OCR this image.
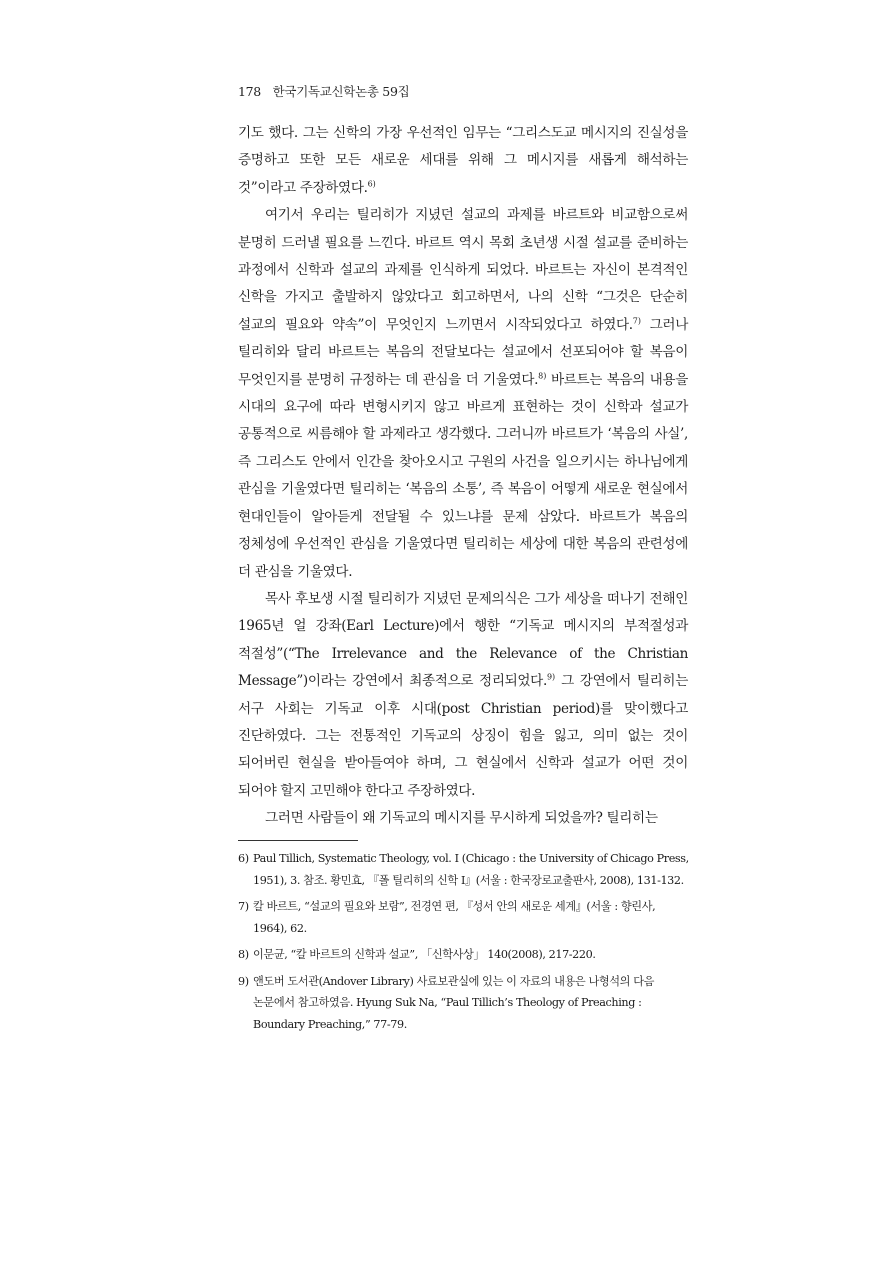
178 한국기독교신학논총 59집

기도 했다. 그는 신학의 가장 우선적인 임무는 “그리스도교 메시지의 진실성을 증명하고 또한 모든 새로운 세대를 위해 그 메시지를 새롭게 해석하는 것”이라고 주장하였다.$^{6)}$

여기서 우리는 틸리히가 지녔던 설교의 과제를 바르트와 비교함으로써 분명히 드러낼 필요를 느낀다. 바르트 역시 목회 초년생 시절 설교를 준비하는 과정에서 신학과 설교의 과제를 인식하게 되었다. 바르트는 자신이 본격적인 신학을 가지고 출발하지 않았다고 회고하면서, 나의 신학 “그것은 단순히 설교의 필요와 약속”이 무엇인지 느끼면서 시작되었다고 하였다.$^{7)}$ 그러나 틸리히와 달리 바르트는 복음의 전달보다는 설교에서 선포되어야 할 복음이 무엇인지를 분명히 규정하는 데 관심을 더 기울였다.$^{8)}$ 바르트는 복음의 내용을 시대의 요구에 따라 변형시키지 않고 바르게 표현하는 것이 신학과 설교가 공통적으로 씨름해야 할 과제라고 생각했다. 그러니까 바르트가 ‘복음의 사실’, 즉 그리스도 안에서 인간을 찾아오시고 구원의 사건을 일으키시는 하나님에게 관심을 기울였다면 틸리히는 ‘복음의 소통’, 즉 복음이 어떻게 새로운 현실에서 현대인들이 알아듣게 전달될 수 있느냐를 문제 삼았다. 바르트가 복음의 정체성에 우선적인 관심을 기울였다면 틸리히는 세상에 대한 복음의 관련성에 더 관심을 기울였다.

목사 후보생 시절 틸리히가 지녔던 문제의식은 그가 세상을 떠나기 전해인 1965년 얼 강좌(Earl Lecture)에서 행한 “기독교 메시지의 부적절성과 적절성”(“The Irrelevance and the Relevance of the Christian Message”)이라는 강연에서 최종적으로 정리되었다.$^{9)}$ 그 강연에서 틸리히는 서구 사회는 기독교 이후 시대(post Christian period)를 맞이했다고 진단하였다. 그는 전통적인 기독교의 상징이 힘을 잃고, 의미 없는 것이 되어버린 현실을 받아들여야 하며, 그 현실에서 신학과 설교가 어떤 것이 되어야 할지 고민해야 한다고 주장하였다.

그러면 사람들이 왜 기독교의 메시지를 무시하게 되었을까? 틸리히는

6) Paul Tillich, Systematic Theology, vol. I (Chicago : the University of Chicago Press, 1951), 3. 참조. 황민효, 『폴 틸리히의 신학 I』(서울 : 한국장로교출판사, 2008), 131-132.
7) 칼 바르트, “설교의 필요와 보람”, 전경연 편, 『성서 안의 새로운 세계』(서울 : 향린사, 1964), 62.
8) 이문균, “칼 바르트의 신학과 설교”, 「신학사상」 140(2008), 217-220.
9) 앤도버 도서관(Andover Library) 사료보관실에 있는 이 자료의 내용은 나형석의 다음 논문에서 참고하였음. Hyung Suk Na, “Paul Tillich’s Theology of Preaching : Boundary Preaching,” 77-79.
